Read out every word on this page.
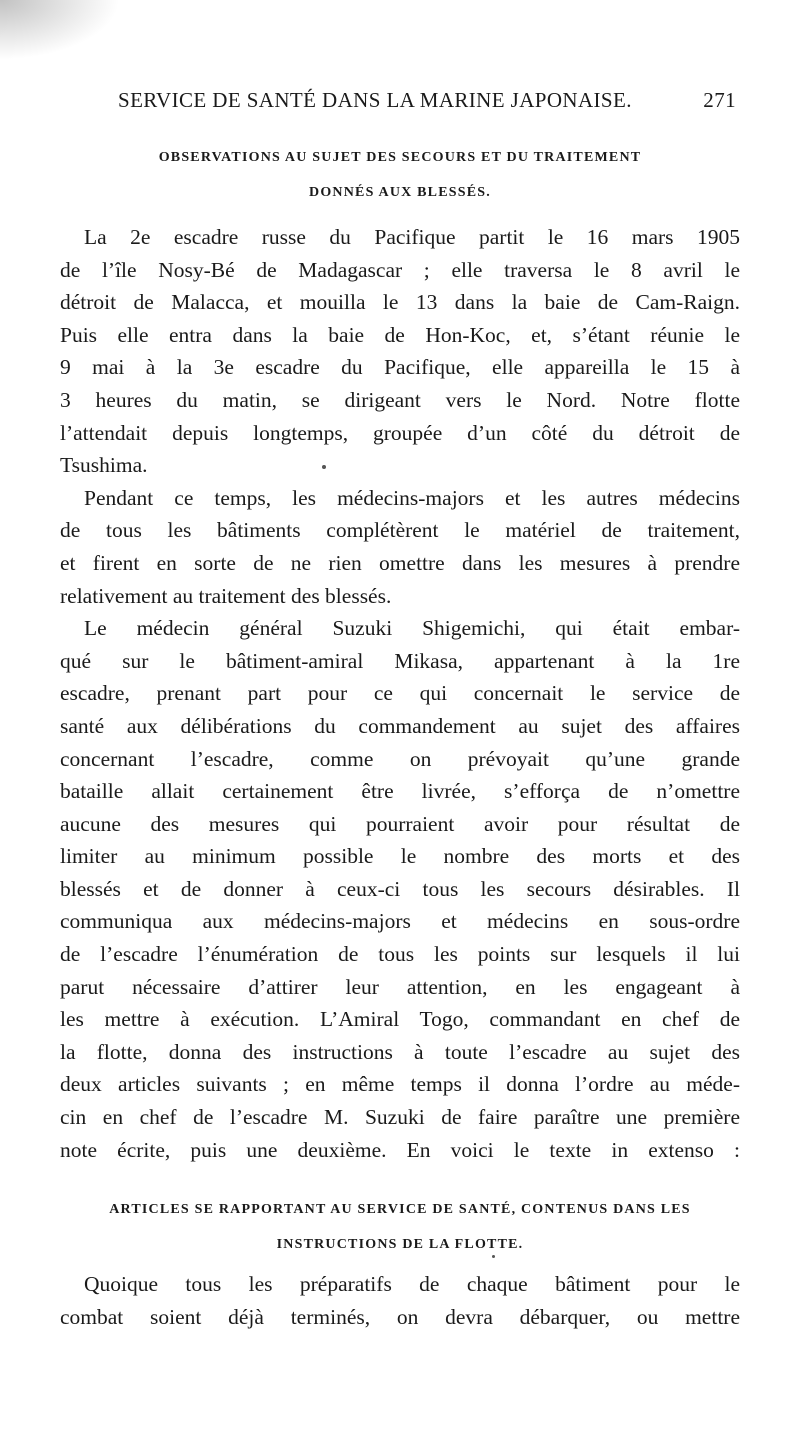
SERVICE DE SANTÉ DANS LA MARINE JAPONAISE.	271
OBSERVATIONS AU SUJET DES SECOURS ET DU TRAITEMENT
DONNÉS AUX BLESSÉS.
La 2e escadre russe du Pacifique partit le 16 mars 1905
de l’île Nosy-Bé de Madagascar ; elle traversa le 8 avril le
détroit de Malacca, et mouilla le 13 dans la baie de Cam-Raign.
Puis elle entra dans la baie de Hon-Koc, et, s’étant réunie le
9 mai à la 3e escadre du Pacifique, elle appareilla le 15 à
3 heures du matin, se dirigeant vers le Nord. Notre flotte
l’attendait depuis longtemps, groupée d’un côté du détroit de
Tsushima.
Pendant ce temps, les médecins-majors et les autres médecins
de tous les bâtiments complétèrent le matériel de traitement,
et firent en sorte de ne rien omettre dans les mesures à prendre
relativement au traitement des blessés.
Le médecin général Suzuki Shigemichi, qui était embar-
qué sur le bâtiment-amiral Mikasa, appartenant à la 1re
escadre, prenant part pour ce qui concernait le service de
santé aux délibérations du commandement au sujet des affaires
concernant l’escadre, comme on prévoyait qu’une grande
bataille allait certainement être livrée, s’efforça de n’omettre
aucune des mesures qui pourraient avoir pour résultat de
limiter au minimum possible le nombre des morts et des
blessés et de donner à ceux-ci tous les secours désirables. Il
communiqua aux médecins-majors et médecins en sous-ordre
de l’escadre l’énumération de tous les points sur lesquels il lui
parut nécessaire d’attirer leur attention, en les engageant à
les mettre à exécution. L’Amiral Togo, commandant en chef de
la flotte, donna des instructions à toute l’escadre au sujet des
deux articles suivants ; en même temps il donna l’ordre au méde-
cin en chef de l’escadre M. Suzuki de faire paraître une première
note écrite, puis une deuxième. En voici le texte in extenso :
ARTICLES SE RAPPORTANT AU SERVICE DE SANTÉ, CONTENUS DANS LES
INSTRUCTIONS DE LA FLOTTE.
Quoique tous les préparatifs de chaque bâtiment pour le
combat soient déjà terminés, on devra débarquer, ou mettre
